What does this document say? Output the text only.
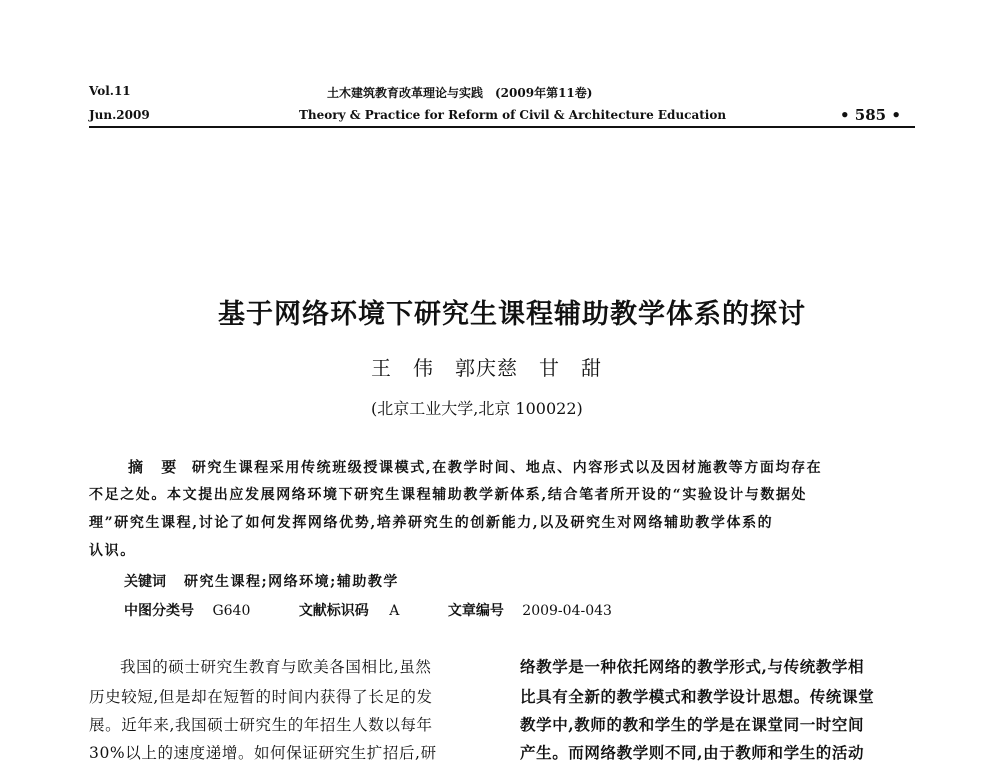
Vol.11
Jun.2009
土木建筑教育改革理论与实践　(2009年第11卷)
Theory & Practice for Reform of Civil & Architecture Education	• 585 •
基于网络环境下研究生课程辅助教学体系的探讨
王　伟　郭庆慈　甘　甜
(北京工业大学,北京 100022)
摘　要 研究生课程采用传统班级授课模式,在教学时间、地点、内容形式以及因材施教等方面均存在
不足之处。本文提出应发展网络环境下研究生课程辅助教学新体系,结合笔者所开设的“实验设计与数据处
理”研究生课程,讨论了如何发挥网络优势,培养研究生的创新能力,以及研究生对网络辅助教学体系的
认识。
关键词 研究生课程;网络环境;辅助教学
中图分类号 G640	文献标识码 A	文章编号 2009-04-043
我国的硕士研究生教育与欧美各国相比,虽然
历史较短,但是却在短暂的时间内获得了长足的发
展。近年来,我国硕士研究生的年招生人数以每年
30%以上的速度递增。如何保证研究生扩招后,研
络教学是一种依托网络的教学形式,与传统教学相
比具有全新的教学模式和教学设计思想。传统课堂
教学中,教师的教和学生的学是在课堂同一时空间
产生。而网络教学则不同,由于教师和学生的活动
